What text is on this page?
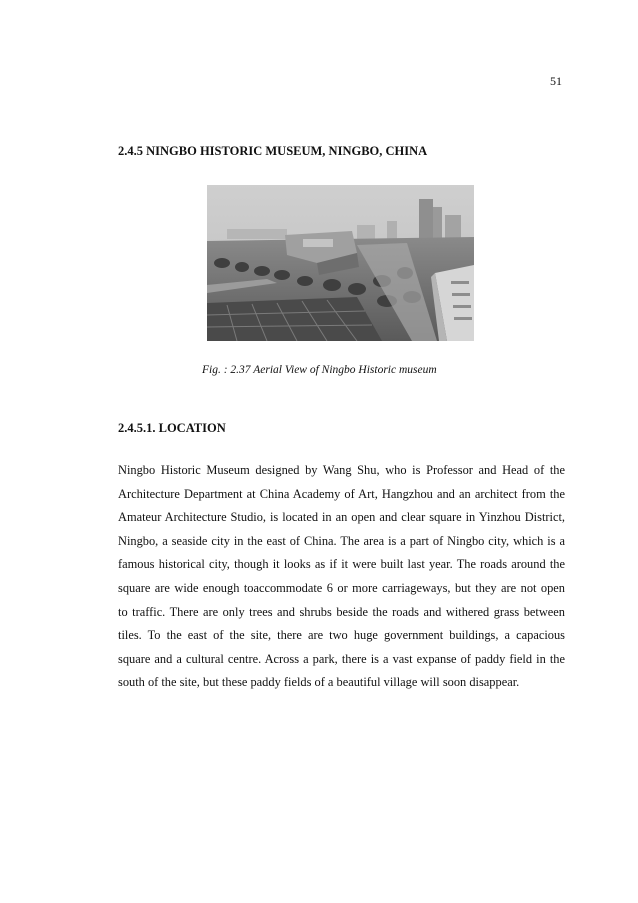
51
2.4.5 NINGBO HISTORIC MUSEUM, NINGBO, CHINA
Fig. : 2.37 Aerial View of Ningbo Historic museum
2.4.5.1. LOCATION
Ningbo Historic Museum designed by Wang Shu, who is Professor and Head of the
Architecture Department at China Academy of Art, Hangzhou and an architect from the
Amateur Architecture Studio, is located in an open and clear square in Yinzhou District,
Ningbo, a seaside city in the east of China. The area is a part of Ningbo city, which is a
famous historical city, though it looks as if it were built last year. The roads around the
square are wide enough toaccommodate 6 or more carriageways, but they are not open
to traffic. There are only trees and shrubs beside the roads and withered grass between
tiles. To the east of the site, there are two huge government buildings, a capacious
square and a cultural centre. Across a park, there is a vast expanse of paddy field in the
south of the site, but these paddy fields of a beautiful village will soon disappear.
